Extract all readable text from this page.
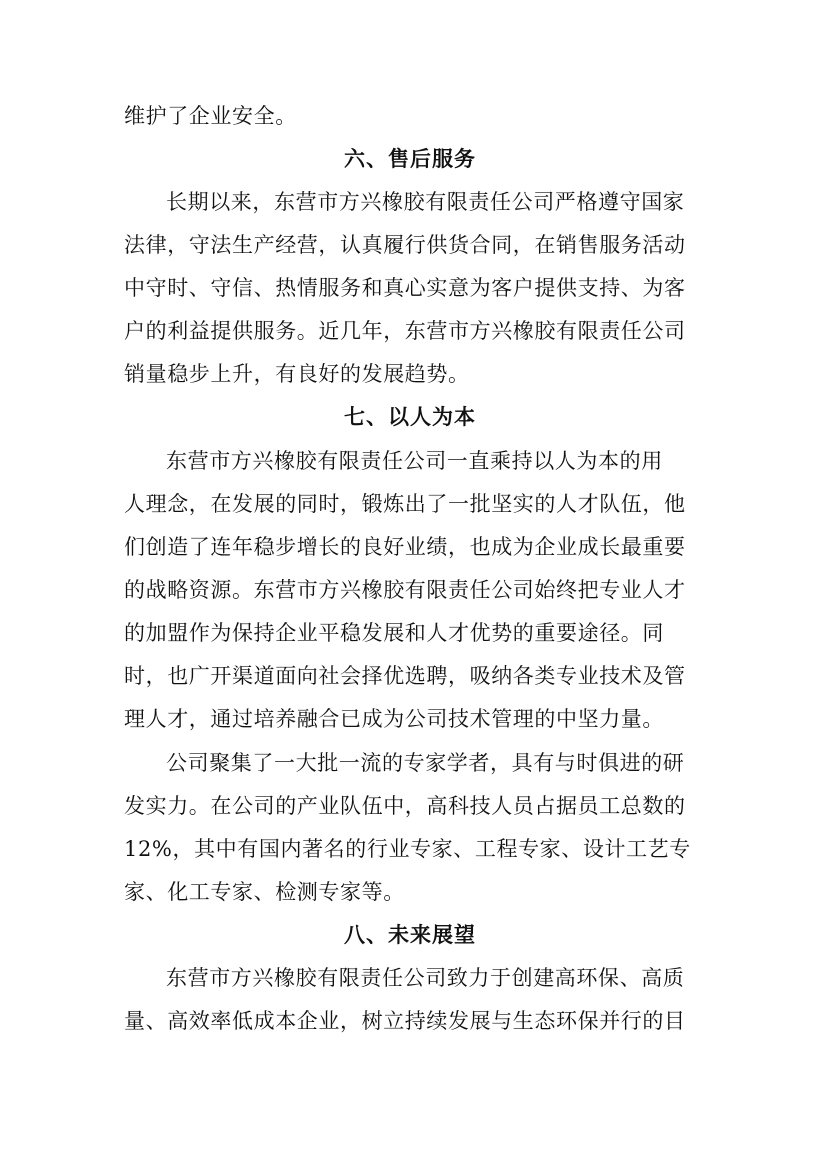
维护了企业安全。
六、售后服务
长期以来，东营市方兴橡胶有限责任公司严格遵守国家
法律，守法生产经营，认真履行供货合同，在销售服务活动
中守时、守信、热情服务和真心实意为客户提供支持、为客
户的利益提供服务。近几年，东营市方兴橡胶有限责任公司
销量稳步上升，有良好的发展趋势。
七、以人为本
东营市方兴橡胶有限责任公司一直乘持以人为本的用
人理念，在发展的同时，锻炼出了一批坚实的人才队伍，他
们创造了连年稳步增长的良好业绩，也成为企业成长最重要
的战略资源。东营市方兴橡胶有限责任公司始终把专业人才
的加盟作为保持企业平稳发展和人才优势的重要途径。同
时，也广开渠道面向社会择优选聘，吸纳各类专业技术及管
理人才，通过培养融合已成为公司技术管理的中坚力量。
公司聚集了一大批一流的专家学者，具有与时俱进的研
发实力。在公司的产业队伍中，高科技人员占据员工总数的
12%，其中有国内著名的行业专家、工程专家、设计工艺专
家、化工专家、检测专家等。
八、未来展望
东营市方兴橡胶有限责任公司致力于创建高环保、高质
量、高效率低成本企业，树立持续发展与生态环保并行的目
